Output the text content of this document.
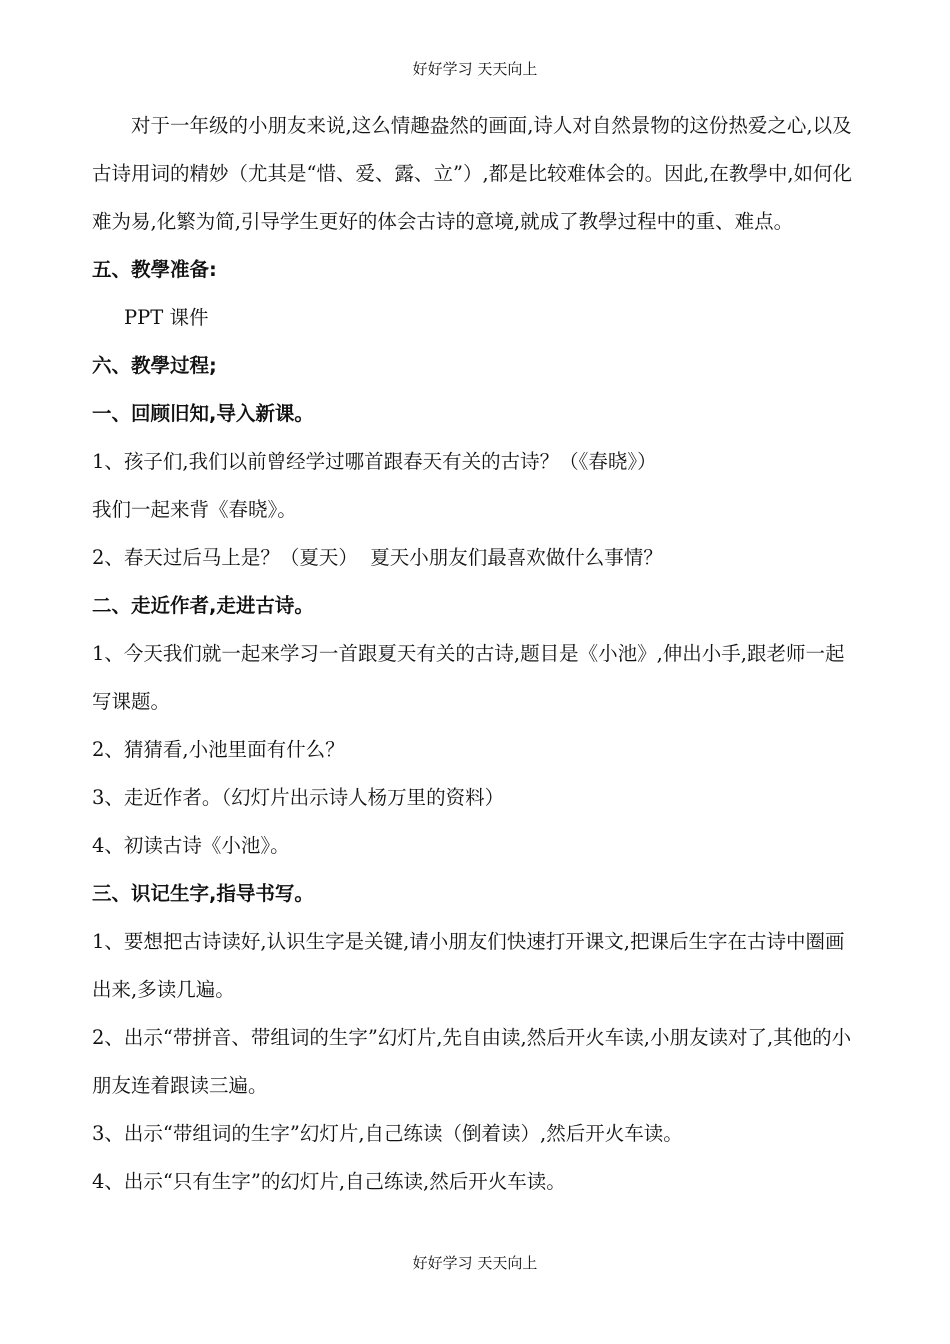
好好学习 天天向上

对于一年级的小朋友来说,这么情趣盎然的画面,诗人对自然景物的这份热爱之心,以及古诗用词的精妙（尤其是“惜、爱、露、立”）,都是比较难体会的。因此,在教學中,如何化难为易,化繁为简,引导学生更好的体会古诗的意境,就成了教學过程中的重、难点。

五、教學准备:

PPT 课件

六、教學过程;

一、回顾旧知,导入新课。

1、孩子们,我们以前曾经学过哪首跟春天有关的古诗？（《春晓》）

我们一起来背《春晓》。

2、春天过后马上是？（夏天）  夏天小朋友们最喜欢做什么事情？

二、走近作者,走进古诗。

1、今天我们就一起来学习一首跟夏天有关的古诗,题目是《小池》,伸出小手,跟老师一起写课题。

2、猜猜看,小池里面有什么？

3、走近作者。（幻灯片出示诗人杨万里的资料）

4、初读古诗《小池》。

三、识记生字,指导书写。

1、要想把古诗读好,认识生字是关键,请小朋友们快速打开课文,把课后生字在古诗中圈画出来,多读几遍。

2、出示“带拼音、带组词的生字”幻灯片,先自由读,然后开火车读,小朋友读对了,其他的小朋友连着跟读三遍。

3、出示“带组词的生字”幻灯片,自己练读（倒着读）,然后开火车读。

4、出示“只有生字”的幻灯片,自己练读,然后开火车读。

好好学习 天天向上
